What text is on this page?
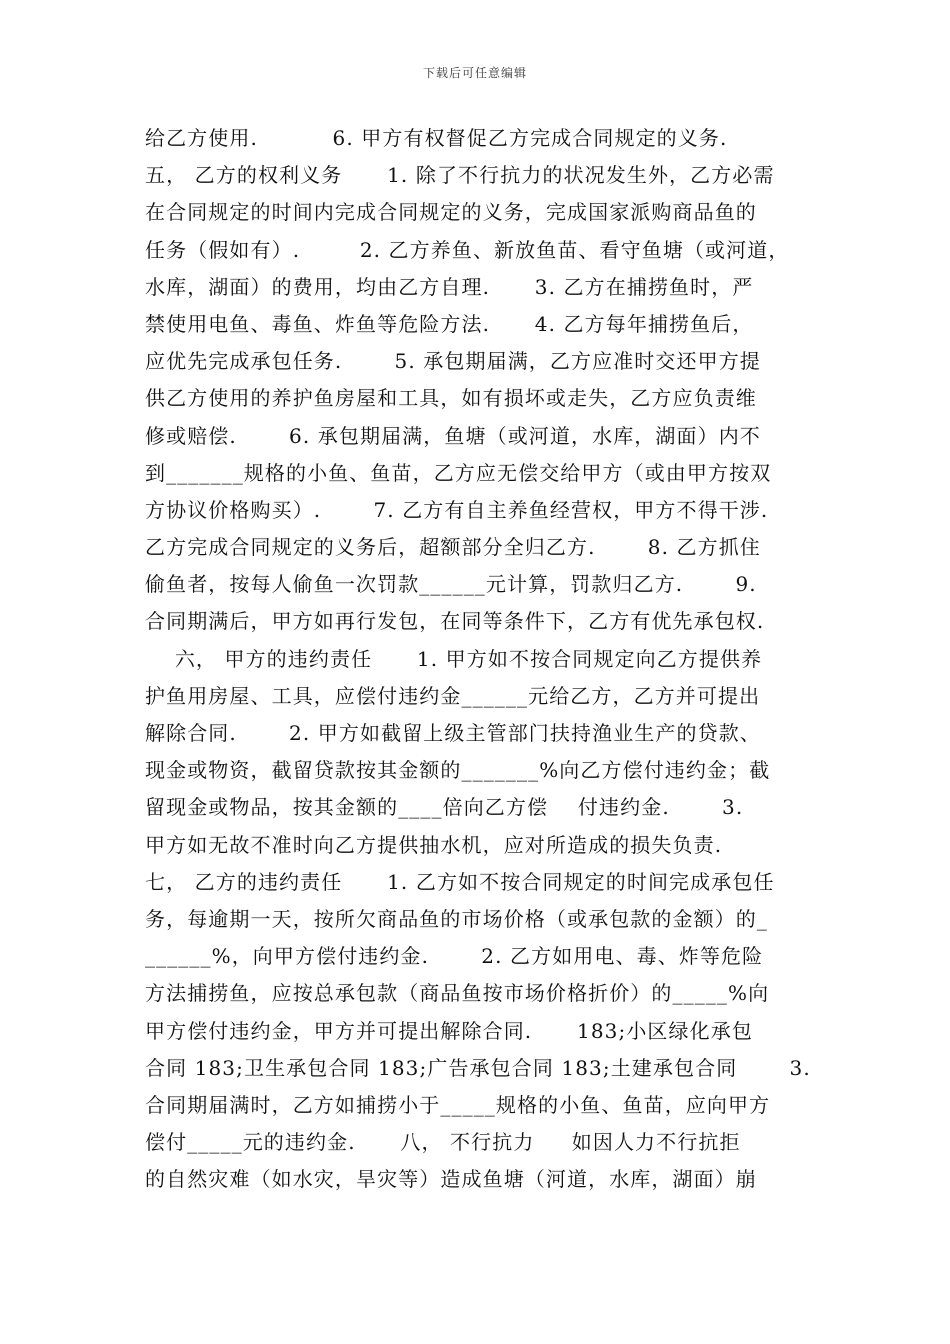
下载后可任意编辑
给乙方使用.          6. 甲方有权督促乙方完成合同规定的义务.
五， 乙方的权利义务      1. 除了不行抗力的状况发生外，乙方必需
在合同规定的时间内完成合同规定的义务，完成国家派购商品鱼的
任务（假如有）.        2. 乙方养鱼、新放鱼苗、看守鱼塘（或河道，
水库，湖面）的费用，均由乙方自理.      3. 乙方在捕捞鱼时，严
禁使用电鱼、毒鱼、炸鱼等危险方法.      4. 乙方每年捕捞鱼后，
应优先完成承包任务.       5. 承包期届满，乙方应准时交还甲方提
供乙方使用的养护鱼房屋和工具，如有损坏或走失，乙方应负责维
修或赔偿.       6. 承包期届满，鱼塘（或河道，水库，湖面）内不
到_______规格的小鱼、鱼苗，乙方应无偿交给甲方（或由甲方按双
方协议价格购买）.       7. 乙方有自主养鱼经营权，甲方不得干涉.
乙方完成合同规定的义务后，超额部分全归乙方.       8. 乙方抓住
偷鱼者，按每人偷鱼一次罚款______元计算，罚款归乙方.       9.
合同期满后，甲方如再行发包，在同等条件下，乙方有优先承包权.
六， 甲方的违约责任      1. 甲方如不按合同规定向乙方提供养
护鱼用房屋、工具，应偿付违约金______元给乙方，乙方并可提出
解除合同.       2. 甲方如截留上级主管部门扶持渔业生产的贷款、
现金或物资，截留贷款按其金额的_______%向乙方偿付违约金；截
留现金或物品，按其金额的____倍向乙方偿    付违约金.       3.
甲方如无故不准时向乙方提供抽水机，应对所造成的损失负责.
七， 乙方的违约责任      1. 乙方如不按合同规定的时间完成承包任
务，每逾期一天，按所欠商品鱼的市场价格（或承包款的金额）的_
______%，向甲方偿付违约金.       2. 乙方如用电、毒、炸等危险
方法捕捞鱼，应按总承包款（商品鱼按市场价格折价）的_____%向
甲方偿付违约金，甲方并可提出解除合同.      183;小区绿化承包
合同 183;卫生承包合同 183;广告承包合同 183;土建承包合同       3.
合同期届满时，乙方如捕捞小于_____规格的小鱼、鱼苗，应向甲方
偿付_____元的违约金.      八， 不行抗力     如因人力不行抗拒
的自然灾难（如水灾，旱灾等）造成鱼塘（河道，水库，湖面）崩
